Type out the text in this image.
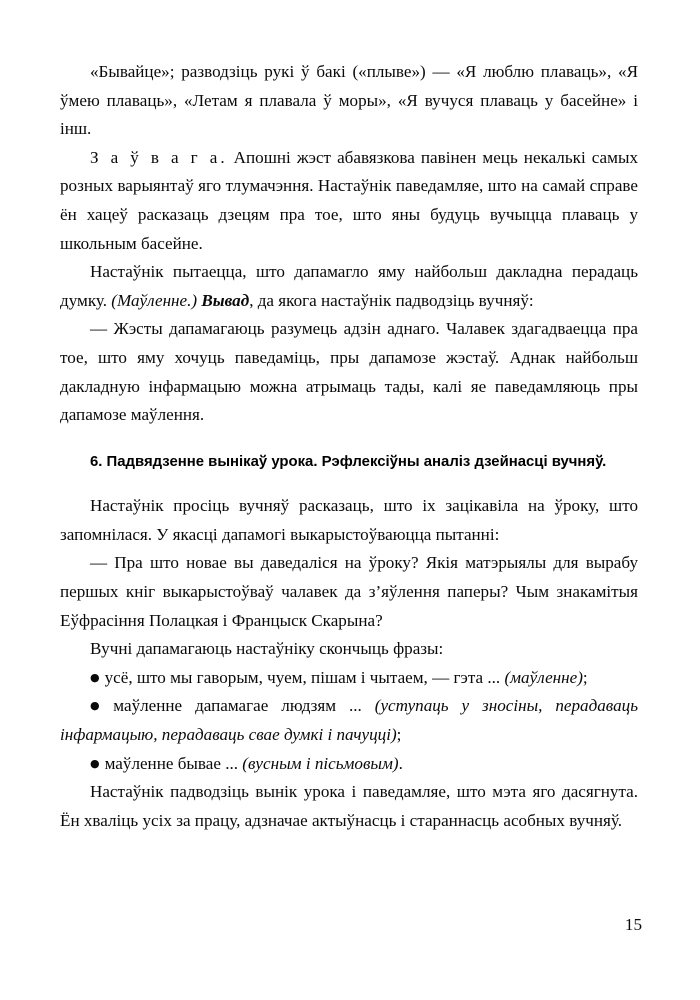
«Бывайце»; разводзіць рукі ў бакі («плыве») — «Я люблю плаваць», «Я ўмею плаваць», «Летам я плавала ў моры», «Я вучуся плаваць у басейне» і інш.

З а ў в а г а. Апошні жэст абавязкова павінен мець некалькі самых розных варыянтаў яго тлумачэння. Настаўнік паведамляе, што на самай справе ён хацеў расказаць дзецям пра тое, што яны будуць вучыцца плаваць у школьным басейне.

Настаўнік пытаецца, што дапамагло яму найбольш дакладна перадаць думку. (Маўленне.) Вывад, да якога настаўнік падводзіць вучняў:

— Жэсты дапамагаюць разумець адзін аднаго. Чалавек здагадваецца пра тое, што яму хочуць паведаміць, пры дапамозе жэстаў. Аднак найбольш дакладную інфармацыю можна атрымаць тады, калі яе паведамляюць пры дапамозе маўлення.

6. Падвядзенне вынікаў урока. Рэфлексіўны аналіз дзейнасці вучняў.

Настаўнік просіць вучняў расказаць, што іх зацікавіла на ўроку, што запомнілася. У якасці дапамогі выкарыстоўваюцца пытанні:

— Пра што новае вы даведаліся на ўроку? Якія матэрыялы для вырабу першых кніг выкарыстоўваў чалавек да з’яўлення паперы? Чым знакамітыя Еўфрасіння Полацкая і Францыск Скарына?

Вучні дапамагаюць настаўніку скончыць фразы:

● усё, што мы гаворым, чуем, пішам і чытаем, — гэта ... (маўленне);

● маўленне дапамагае людзям ... (уступаць у зносіны, перадаваць інфармацыю, перадаваць свае думкі і пачуцці);

● маўленне бывае ... (вусным і пісьмовым).

Настаўнік падводзіць вынік урока і паведамляе, што мэта яго дасягнута. Ён хваліць усіх за працу, адзначае актыўнасць і стараннасць асобных вучняў.

15
